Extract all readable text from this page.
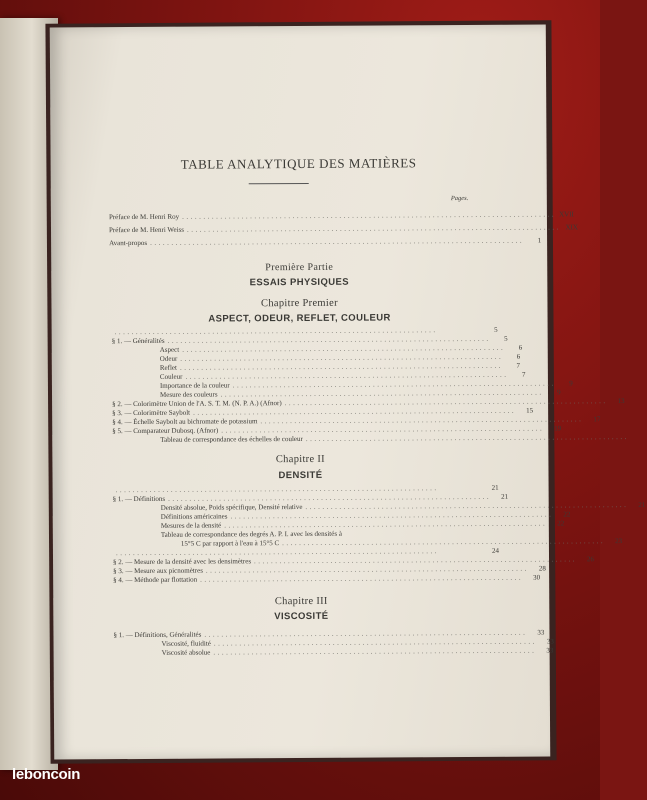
TABLE ANALYTIQUE DES MATIÈRES
Pages.
Préface de M. Henri Roy ........................................................................................ XVII
Préface de M. Henri Weiss ........................................................................................ XIX
Avant-propos ........................................................................................	1
Première Partie
ESSAIS PHYSIQUES
Chapitre Premier
ASPECT, ODEUR, REFLET, COULEUR
............................................................................	5
§ 1. — Généralités ............................................................................	5
Aspect ............................................................................	6
Odeur ............................................................................	6
Reflet ............................................................................	7
Couleur ............................................................................	7
Importance de la couleur ............................................................................	9
Mesure des couleurs ............................................................................	9
§ 2. — Colorimètre Union de l'A. S. T. M. (N. P. A.) (Afnor) ............................................................................	13
§ 3. — Colorimètre Saybolt ............................................................................	15
§ 4. — Échelle Saybolt au bichromate de potassium ............................................................................	17
§ 5. — Comparateur Dubosq. (Afnor) ............................................................................	19
Tableau de correspondance des échelles de couleur ............................................................................
Chapitre II
DENSITÉ
............................................................................	21
§ 1. — Définitions ............................................................................	21
Densité absolue, Poids spécifique, Densité relative ............................................................................	21
Définitions américaines ............................................................................	22
Mesures de la densité ............................................................................	22
Tableau de correspondance des degrés A. P. I. avec les densités à
15°5 C par rapport à l'eau à 15°5 C ............................................................................	23
............................................................................	24
§ 2. — Mesure de la densité avec les densimètres ............................................................................	26
§ 3. — Mesure aux picnomètres ............................................................................	28
§ 4. — Méthode par flottation ............................................................................	30
Chapitre III
VISCOSITÉ
§ 1. — Définitions, Généralités ............................................................................	33
Viscosité, fluidité ............................................................................	33
Viscosité absolue ............................................................................	33
leboncoin
